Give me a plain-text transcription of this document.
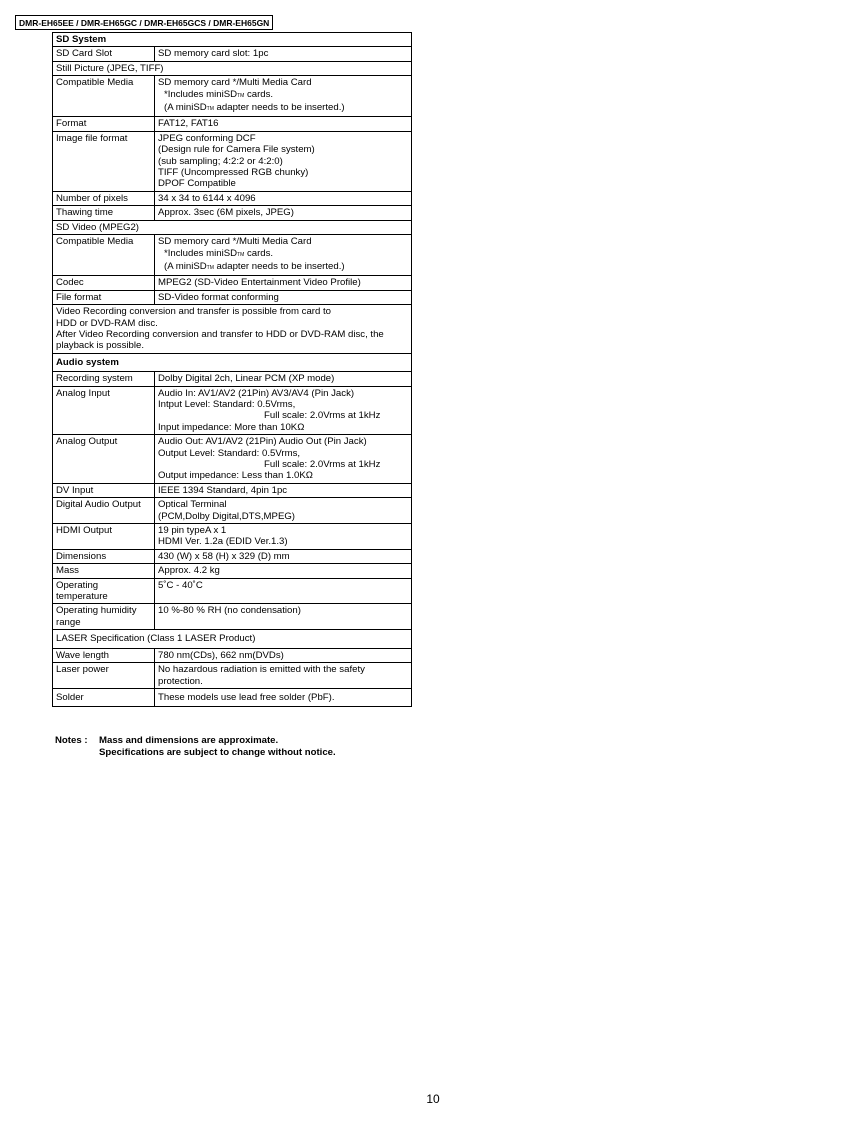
DMR-EH65EE / DMR-EH65GC / DMR-EH65GCS / DMR-EH65GN
SD System	
SD Card Slot	SD memory card slot: 1pc
Still Picture (JPEG, TIFF)	
Compatible Media	SD memory card */Multi Media Card

*Includes miniSDTM cards.
(A miniSDTM adapter needs to be inserted.)

Format	FAT12, FAT16
Image file format	JPEG conforming DCF
(Design rule for Camera File system)
(sub sampling; 4:2:2 or 4:2:0)
TIFF (Uncompressed RGB chunky)
DPOF Compatible
Number of pixels	34 x 34 to 6144 x 4096
Thawing time	Approx. 3sec (6M pixels, JPEG)
SD Video (MPEG2)	
Compatible Media	SD memory card */Multi Media Card

*Includes miniSDTM cards.
(A miniSDTM adapter needs to be inserted.)

Codec	MPEG2 (SD-Video Entertainment Video Profile)
File format	SD-Video format conforming
Video Recording conversion and transfer is possible from card to
HDD or DVD-RAM disc.
After Video Recording conversion and transfer to HDD or DVD-RAM disc, the
playback is possible.	
Audio system	
Recording system	Dolby Digital 2ch, Linear PCM (XP mode)
Analog Input	Audio In: AV1/AV2 (21Pin) AV3/AV4 (Pin Jack)
Intput Level: Standard: 0.5Vrms,
Full scale: 2.0Vrms at 1kHz
Input impedance: More than 10KΩ
Analog Output	Audio Out: AV1/AV2 (21Pin) Audio Out (Pin Jack)
Output Level: Standard: 0.5Vrms,
Full scale: 2.0Vrms at 1kHz
Output impedance: Less than 1.0KΩ
DV Input	IEEE 1394 Standard, 4pin 1pc
Digital Audio Output	Optical Terminal
(PCM,Dolby Digital,DTS,MPEG)
HDMI Output	19 pin typeA x 1
HDMI Ver. 1.2a (EDID Ver.1.3)
Dimensions	430 (W) x 58 (H) x 329 (D) mm
Mass	Approx. 4.2 kg
Operating
temperature	5˚C - 40˚C
Operating humidity
range	10 %-80 % RH (no condensation)
LASER Specification (Class 1 LASER Product)	
Wave length	780 nm(CDs), 662 nm(DVDs)
Laser power	No hazardous radiation is emitted with the safety
protection.
Solder	These models use lead free solder (PbF).
Notes : Mass and dimensions are approximate.
Specifications are subject to change without notice.
10
